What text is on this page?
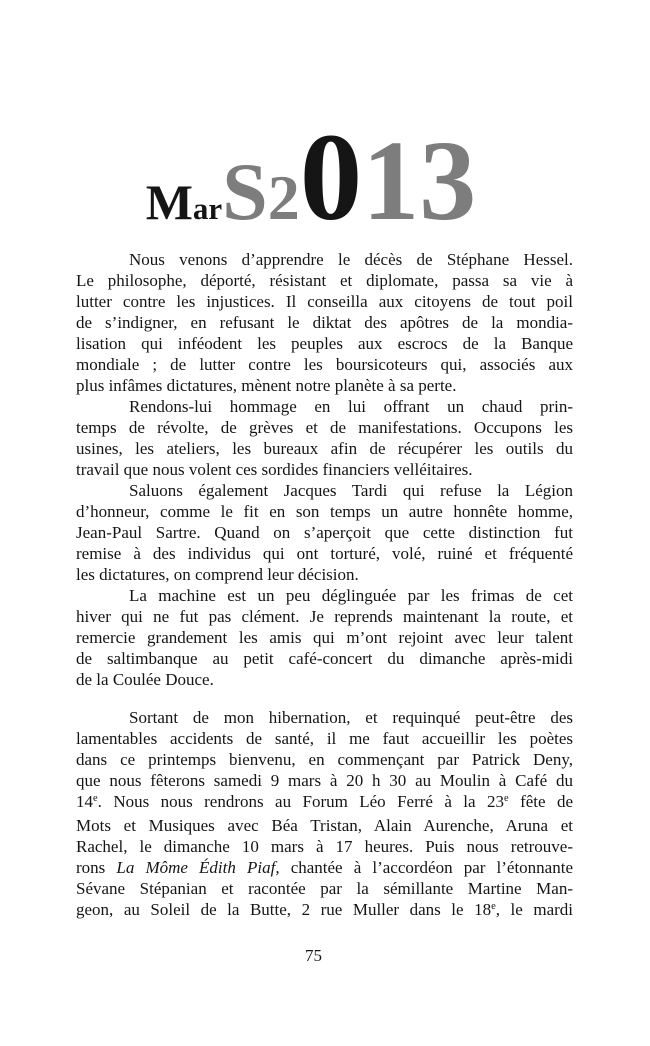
MarS2013
Nous venons d’apprendre le décès de Stéphane Hessel.
Le philosophe, déporté, résistant et diplomate, passa sa vie à
lutter contre les injustices. Il conseilla aux citoyens de tout poil
de s’indigner, en refusant le diktat des apôtres de la mondia-
lisation qui inféodent les peuples aux escrocs de la Banque
mondiale ; de lutter contre les boursicoteurs qui, associés aux
plus infâmes dictatures, mènent notre planète à sa perte.
Rendons-lui hommage en lui offrant un chaud prin-
temps de révolte, de grèves et de manifestations. Occupons les
usines, les ateliers, les bureaux afin de récupérer les outils du
travail que nous volent ces sordides financiers velléitaires.
Saluons également Jacques Tardi qui refuse la Légion
d’honneur, comme le fit en son temps un autre honnête homme,
Jean-Paul Sartre. Quand on s’aperçoit que cette distinction fut
remise à des individus qui ont torturé, volé, ruiné et fréquenté
les dictatures, on comprend leur décision.
La machine est un peu déglinguée par les frimas de cet
hiver qui ne fut pas clément. Je reprends maintenant la route, et
remercie grandement les amis qui m’ont rejoint avec leur talent
de saltimbanque au petit café-concert du dimanche après-midi
de la Coulée Douce.
Sortant de mon hibernation, et requinqué peut-être des
lamentables accidents de santé, il me faut accueillir les poètes
dans ce printemps bienvenu, en commençant par Patrick Deny,
que nous fêterons samedi 9 mars à 20 h 30 au Moulin à Café du
14e. Nous nous rendrons au Forum Léo Ferré à la 23e fête de
Mots et Musiques avec Béa Tristan, Alain Aurenche, Aruna et
Rachel, le dimanche 10 mars à 17 heures. Puis nous retrouve-
rons La Môme Édith Piaf, chantée à l’accordéon par l’étonnante
Sévane Stépanian et racontée par la sémillante Martine Man-
geon, au Soleil de la Butte, 2 rue Muller dans le 18e, le mardi
75
